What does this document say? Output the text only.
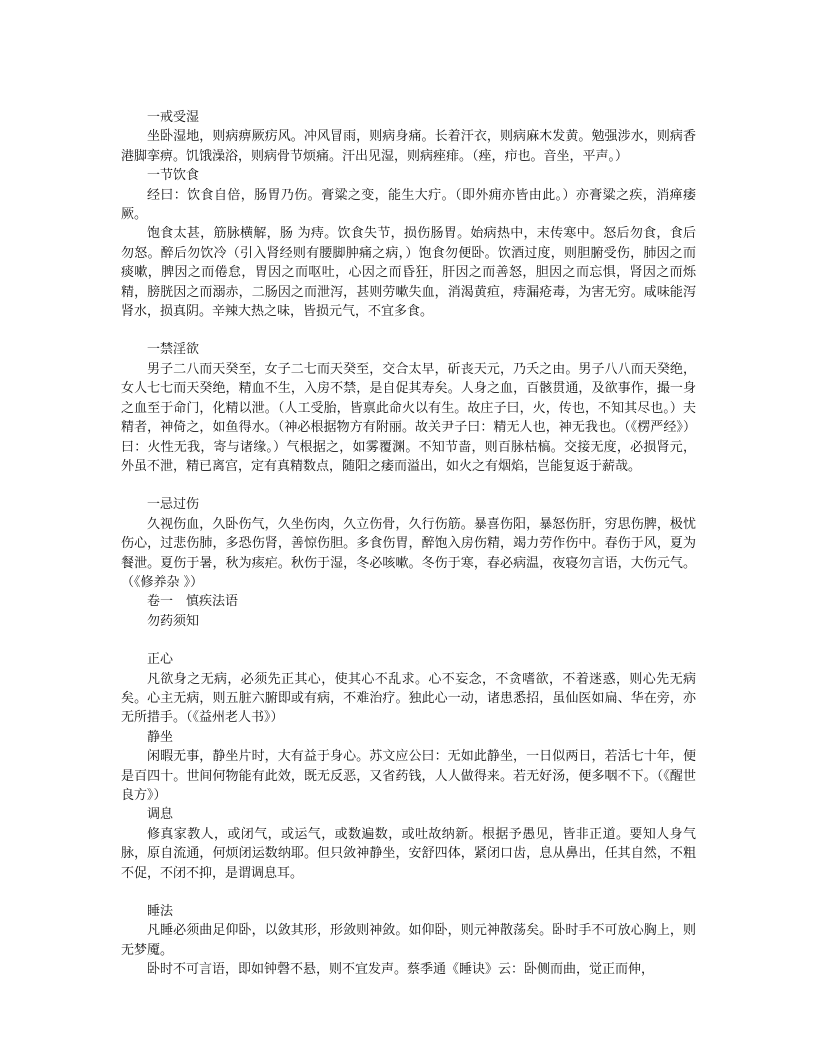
一戒受湿
坐卧湿地，则病痹厥疠风。冲风冒雨，则病身痛。长着汗衣，则病麻木发黄。勉强涉水，则病香港脚挛痹。饥饿澡浴，则病骨节烦痛。汗出见湿，则病痤痱。（痤，疖也。音坐，平声。）
一节饮食
经曰：饮食自倍，肠胃乃伤。膏粱之变，能生大疔。（即外痈亦皆由此。）亦膏粱之疾，消瘅痿厥。
饱食太甚，筋脉横解，肠 为痔。饮食失节，损伤肠胃。始病热中，末传寒中。怒后勿食，食后勿怒。醉后勿饮冷（引入肾经则有腰脚肿痛之病，）饱食勿便卧。饮酒过度，则胆腑受伤，肺因之而痰嗽，脾因之而倦怠，胃因之而呕吐，心因之而昏狂，肝因之而善怒，胆因之而忘惧，肾因之而烁精，膀胱因之而溺赤，二肠因之而泄泻，甚则劳嗽失血，消渴黄疸，痔漏疮毒，为害无穷。咸味能泻肾水，损真阴。辛辣大热之味，皆损元气，不宜多食。
一禁淫欲
男子二八而天癸至，女子二七而天癸至，交合太早，斫丧天元，乃夭之由。男子八八而天癸绝，女人七七而天癸绝，精血不生，入房不禁，是自促其寿矣。人身之血，百骸贯通，及欲事作，撮一身之血至于命门，化精以泄。（人工受胎，皆禀此命火以有生。故庄子曰，火，传也，不知其尽也。）夫精者，神倚之，如鱼得水。（神必根据物方有附丽。故关尹子曰：精无人也，神无我也。（《楞严经》）曰：火性无我，寄与诸缘。）气根据之，如雾覆渊。不知节啬，则百脉枯槁。交接无度，必损肾元，外虽不泄，精已离宫，定有真精数点，随阳之痿而溢出，如火之有烟焰，岂能复返于薪哉。
一忌过伤
久视伤血，久卧伤气，久坐伤肉，久立伤骨，久行伤筋。暴喜伤阳，暴怒伤肝，穷思伤脾，极忧伤心，过悲伤肺，多恐伤肾，善惊伤胆。多食伤胃，醉饱入房伤精，竭力劳作伤中。春伤于风，夏为餐泄。夏伤于暑，秋为痎疟。秋伤于湿，冬必咳嗽。冬伤于寒，春必病温，夜寝勿言语，大伤元气。（《修养杂 》）
卷一　慎疾法语
勿药须知
正心
凡欲身之无病，必须先正其心，使其心不乱求。心不妄念，不贪嗜欲，不着迷惑，则心先无病矣。心主无病，则五脏六腑即或有病，不难治疗。独此心一动，诸患悉招，虽仙医如扁、华在旁，亦无所措手。（《益州老人书》）
静坐
闲暇无事，静坐片时，大有益于身心。苏文应公曰：无如此静坐，一日似两日，若活七十年，便是百四十。世间何物能有此效，既无反恶，又省药钱，人人做得来。若无好汤，便多咽不下。（《醒世良方》）
调息
修真家教人，或闭气，或运气，或数遍数，或吐故纳新。根据予愚见，皆非正道。要知人身气脉，原自流通，何烦闭运数纳耶。但只敛神静坐，安舒四体，紧闭口齿，息从鼻出，任其自然，不粗不促，不闭不抑，是谓调息耳。
睡法
凡睡必须曲足仰卧，以敛其形，形敛则神敛。如仰卧，则元神散荡矣。卧时手不可放心胸上，则无梦魇。
卧时不可言语，即如钟磬不悬，则不宜发声。蔡季通《睡诀》云：卧侧而曲，觉正而伸，
